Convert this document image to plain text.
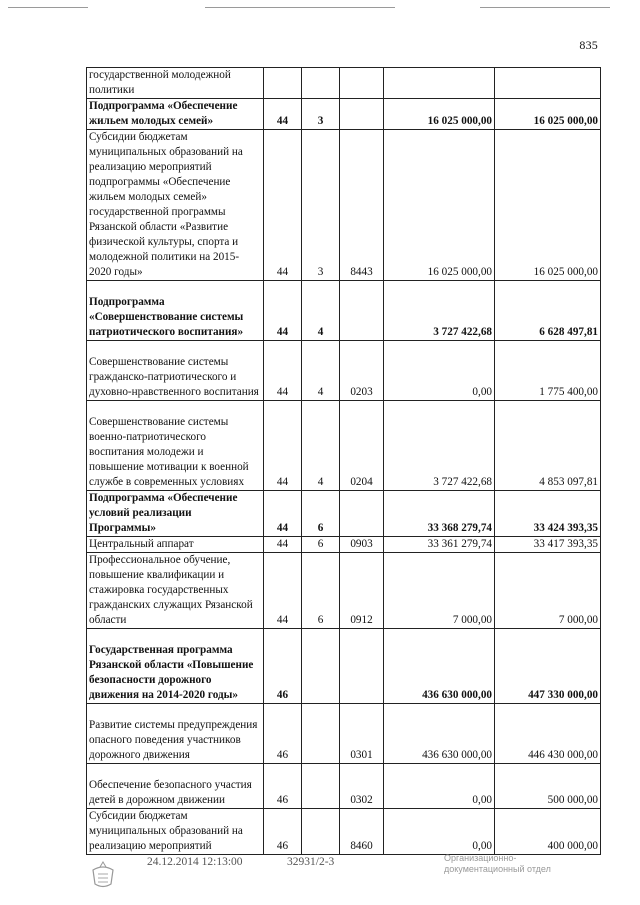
835
государственной молодежной политики					
Подпрограмма «Обеспечение жильем молодых семей»	44	3		16 025 000,00	16 025 000,00
Субсидии бюджетам муниципальных образований на реализацию мероприятий подпрограммы «Обеспечение жильем молодых семей» государственной программы Рязанской области «Развитие физической культуры, спорта и молодежной политики на 2015-2020 годы»	44	3	8443	16 025 000,00	16 025 000,00
Подпрограмма «Совершенствование системы патриотического воспитания»	44	4		3 727 422,68	6 628 497,81
Совершенствование системы гражданско-патриотического и духовно-нравственного воспитания	44	4	0203	0,00	1 775 400,00
Совершенствование системы военно-патриотического воспитания молодежи и повышение мотивации к военной службе в современных условиях	44	4	0204	3 727 422,68	4 853 097,81
Подпрограмма «Обеспечение условий реализации Программы»	44	6		33 368 279,74	33 424 393,35
Центральный аппарат	44	6	0903	33 361 279,74	33 417 393,35
Профессиональное обучение, повышение квалификации и стажировка государственных гражданских служащих Рязанской области	44	6	0912	7 000,00	7 000,00
Государственная программа Рязанской области «Повышение безопасности дорожного движения на 2014-2020 годы»	46			436 630 000,00	447 330 000,00
Развитие системы предупреждения опасного поведения участников дорожного движения	46		0301	436 630 000,00	446 430 000,00
Обеспечение безопасного участия детей в дорожном движении	46		0302	0,00	500 000,00
Субсидии бюджетам муниципальных образований на реализацию мероприятий	46		8460	0,00	400 000,00
24.12.2014 12:13:00	32931/2-3	Организационно-документационный отдел
